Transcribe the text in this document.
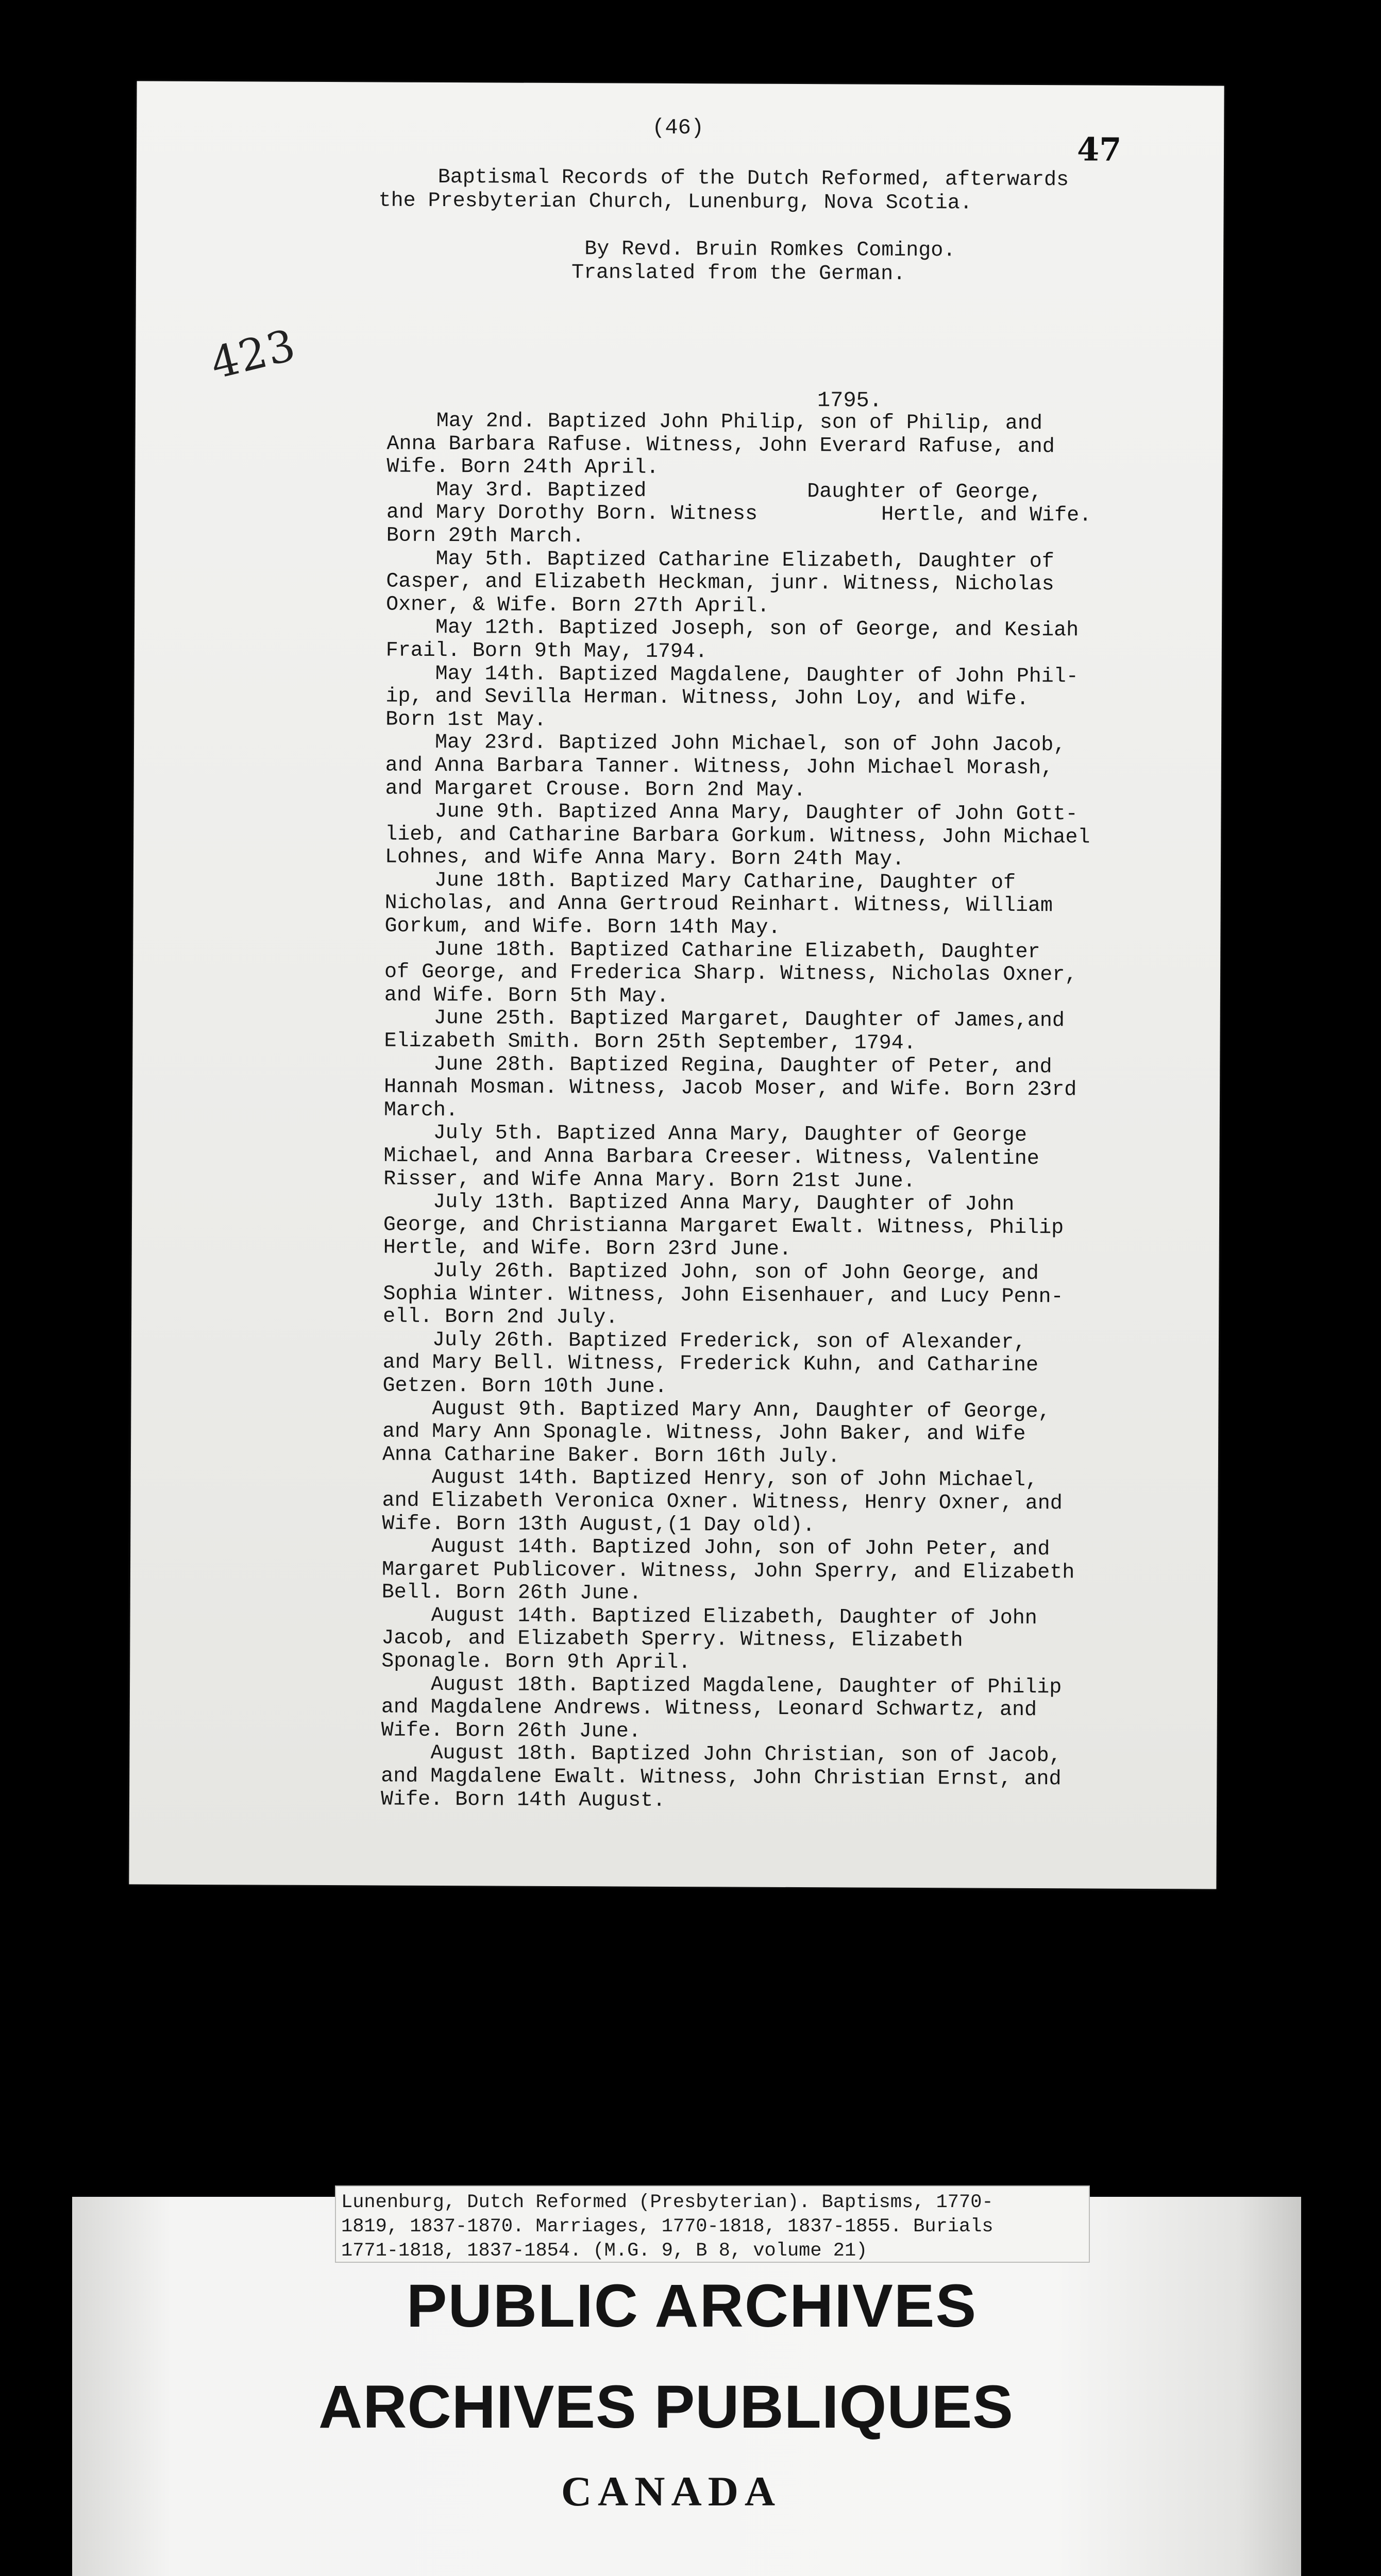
(46)
47
423
Baptismal Records of the Dutch Reformed, afterwards
the Presbyterian Church, Lunenburg, Nova Scotia.
By Revd. Bruin Romkes Comingo.
Translated from the German.
1795.
May 2nd. Baptized John Philip, son of Philip, and
Anna Barbara Rafuse. Witness, John Everard Rafuse, and
Wife. Born 24th April.
May 3rd. Baptized             Daughter of George,
and Mary Dorothy Born. Witness          Hertle, and Wife.
Born 29th March.
May 5th. Baptized Catharine Elizabeth, Daughter of
Casper, and Elizabeth Heckman, junr. Witness, Nicholas
Oxner, & Wife. Born 27th April.
May 12th. Baptized Joseph, son of George, and Kesiah
Frail. Born 9th May, 1794.
May 14th. Baptized Magdalene, Daughter of John Phil-
ip, and Sevilla Herman. Witness, John Loy, and Wife.
Born 1st May.
May 23rd. Baptized John Michael, son of John Jacob,
and Anna Barbara Tanner. Witness, John Michael Morash,
and Margaret Crouse. Born 2nd May.
June 9th. Baptized Anna Mary, Daughter of John Gott-
lieb, and Catharine Barbara Gorkum. Witness, John Michael
Lohnes, and Wife Anna Mary. Born 24th May.
June 18th. Baptized Mary Catharine, Daughter of
Nicholas, and Anna Gertroud Reinhart. Witness, William
Gorkum, and Wife. Born 14th May.
June 18th. Baptized Catharine Elizabeth, Daughter
of George, and Frederica Sharp. Witness, Nicholas Oxner,
and Wife. Born 5th May.
June 25th. Baptized Margaret, Daughter of James,and
Elizabeth Smith. Born 25th September, 1794.
June 28th. Baptized Regina, Daughter of Peter, and
Hannah Mosman. Witness, Jacob Moser, and Wife. Born 23rd
March.
July 5th. Baptized Anna Mary, Daughter of George
Michael, and Anna Barbara Creeser. Witness, Valentine
Risser, and Wife Anna Mary. Born 21st June.
July 13th. Baptized Anna Mary, Daughter of John
George, and Christianna Margaret Ewalt. Witness, Philip
Hertle, and Wife. Born 23rd June.
July 26th. Baptized John, son of John George, and
Sophia Winter. Witness, John Eisenhauer, and Lucy Penn-
ell. Born 2nd July.
July 26th. Baptized Frederick, son of Alexander,
and Mary Bell. Witness, Frederick Kuhn, and Catharine
Getzen. Born 10th June.
August 9th. Baptized Mary Ann, Daughter of George,
and Mary Ann Sponagle. Witness, John Baker, and Wife
Anna Catharine Baker. Born 16th July.
August 14th. Baptized Henry, son of John Michael,
and Elizabeth Veronica Oxner. Witness, Henry Oxner, and
Wife. Born 13th August,(1 Day old).
August 14th. Baptized John, son of John Peter, and
Margaret Publicover. Witness, John Sperry, and Elizabeth
Bell. Born 26th June.
August 14th. Baptized Elizabeth, Daughter of John
Jacob, and Elizabeth Sperry. Witness, Elizabeth
Sponagle. Born 9th April.
August 18th. Baptized Magdalene, Daughter of Philip
and Magdalene Andrews. Witness, Leonard Schwartz, and
Wife. Born 26th June.
August 18th. Baptized John Christian, son of Jacob,
and Magdalene Ewalt. Witness, John Christian Ernst, and
Wife. Born 14th August.
Lunenburg, Dutch Reformed (Presbyterian). Baptisms, 1770-
1819, 1837-1870. Marriages, 1770-1818, 1837-1855. Burials
1771-1818, 1837-1854. (M.G. 9, B 8, volume 21)
PUBLIC ARCHIVES
ARCHIVES PUBLIQUES
CANADA
